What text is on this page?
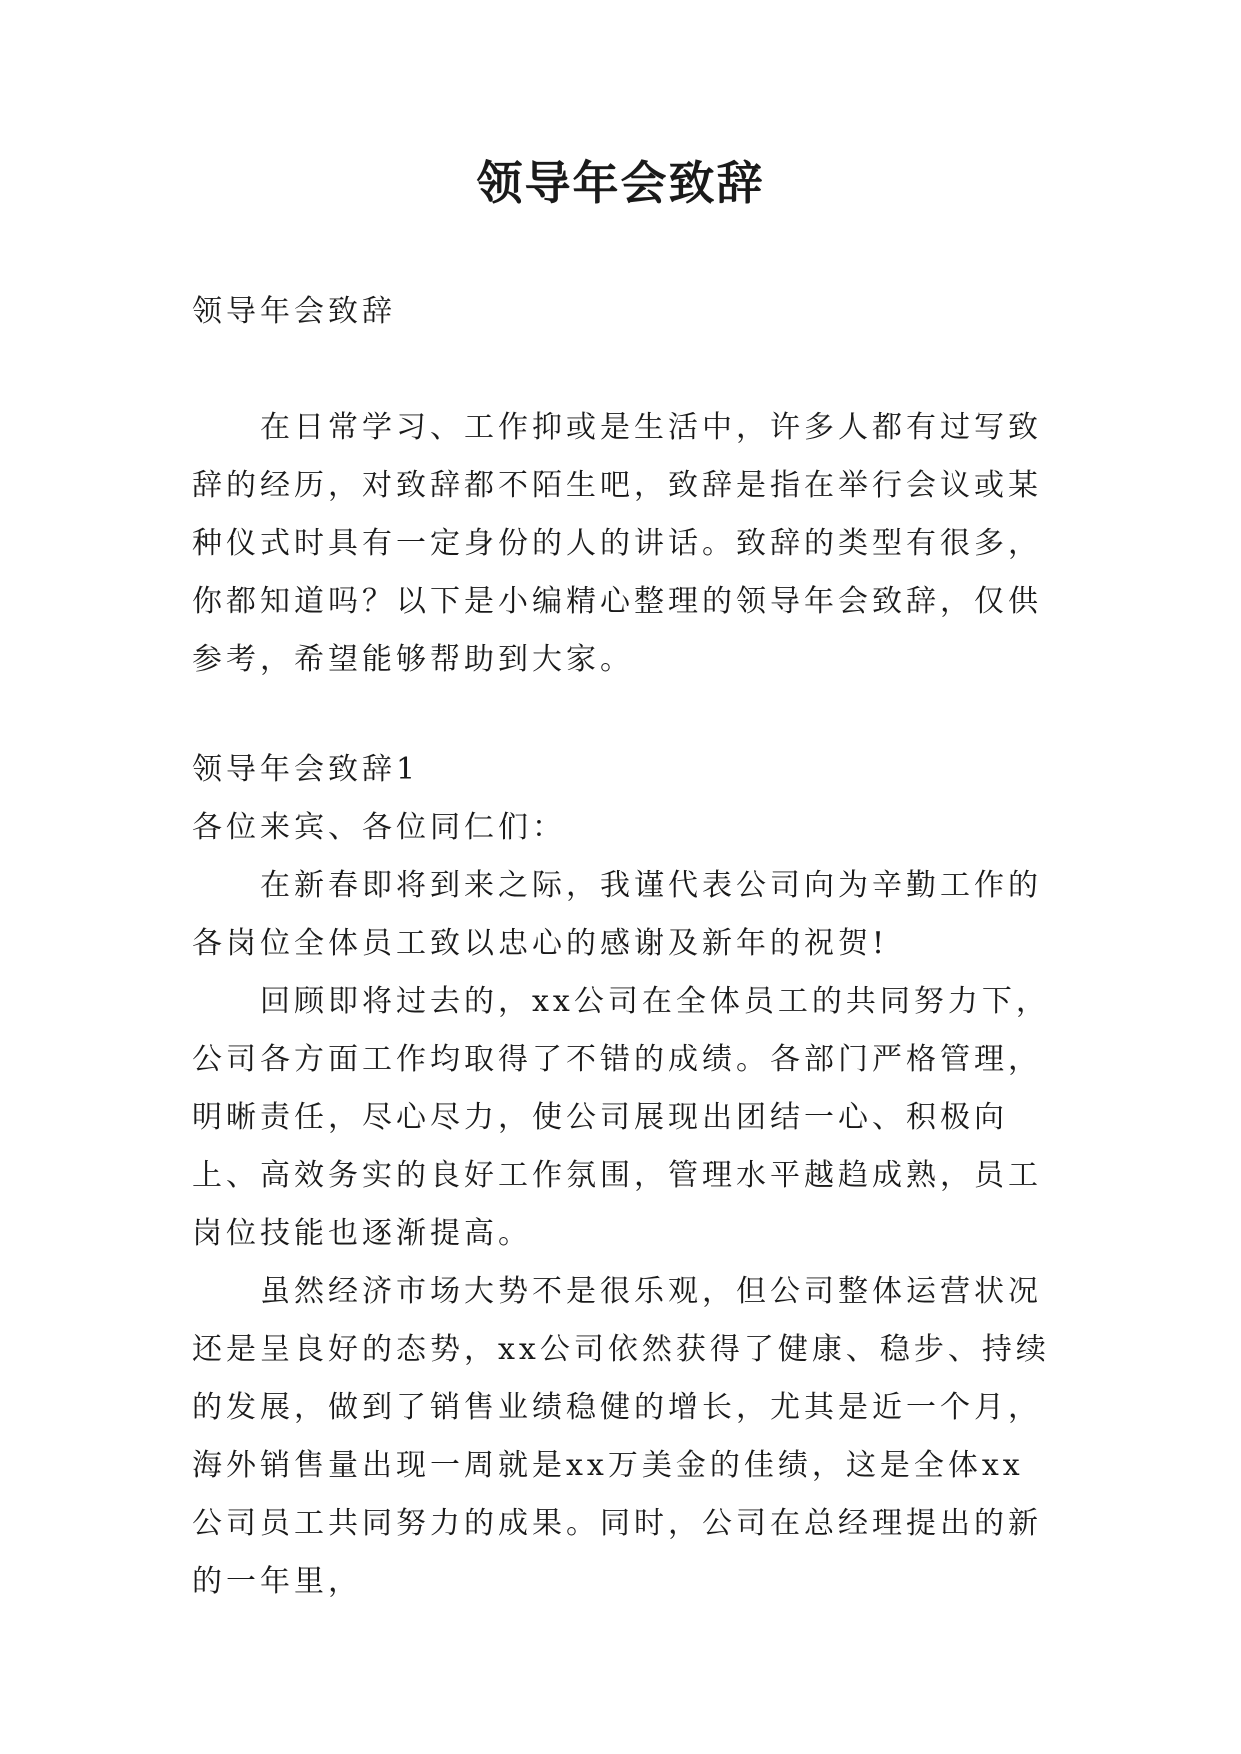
领导年会致辞

领导年会致辞

在日常学习、工作抑或是生活中，许多人都有过写致辞的经历，对致辞都不陌生吧，致辞是指在举行会议或某种仪式时具有一定身份的人的讲话。致辞的类型有很多，你都知道吗？以下是小编精心整理的领导年会致辞，仅供参考，希望能够帮助到大家。

领导年会致辞1

各位来宾、各位同仁们：

在新春即将到来之际，我谨代表公司向为辛勤工作的各岗位全体员工致以忠心的感谢及新年的祝贺!

回顾即将过去的，xx公司在全体员工的共同努力下，公司各方面工作均取得了不错的成绩。各部门严格管理，明晰责任，尽心尽力，使公司展现出团结一心、积极向上、高效务实的良好工作氛围，管理水平越趋成熟，员工岗位技能也逐渐提高。

虽然经济市场大势不是很乐观，但公司整体运营状况还是呈良好的态势，xx公司依然获得了健康、稳步、持续的发展，做到了销售业绩稳健的增长，尤其是近一个月，海外销售量出现一周就是xx万美金的佳绩，这是全体xx公司员工共同努力的成果。同时，公司在总经理提出的新的一年里，
